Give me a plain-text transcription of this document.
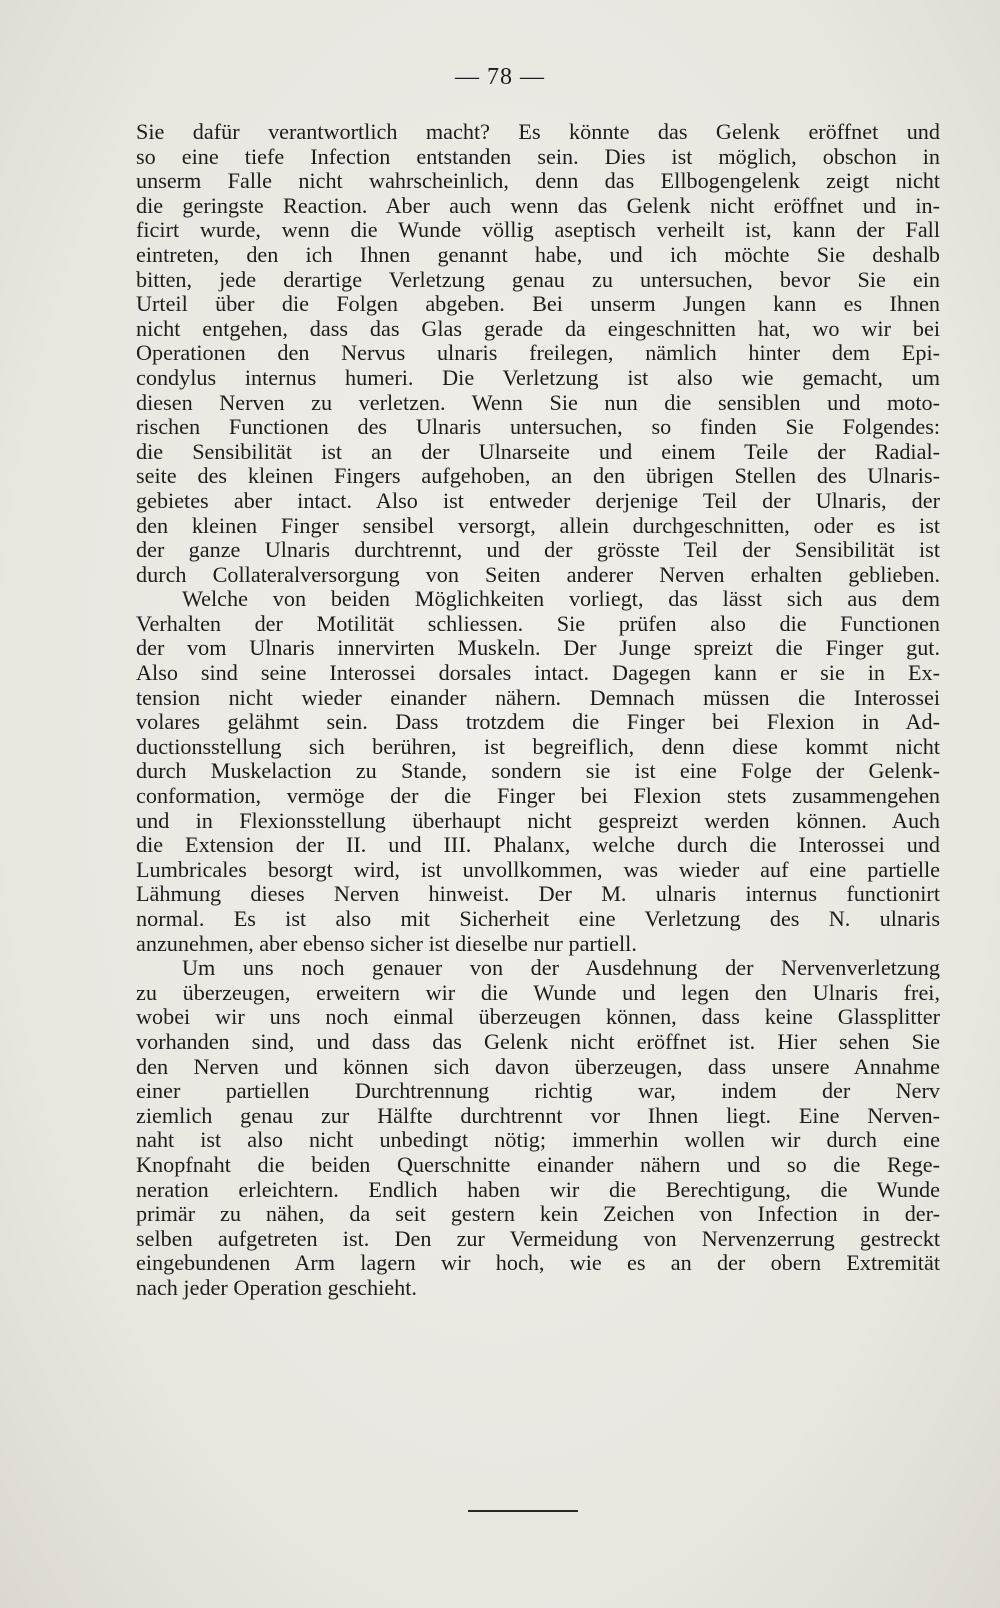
— 78 —
Sie dafür verantwortlich macht? Es könnte das Gelenk eröffnet und
so eine tiefe Infection entstanden sein. Dies ist möglich, obschon in
unserm Falle nicht wahrscheinlich, denn das Ellbogengelenk zeigt nicht
die geringste Reaction. Aber auch wenn das Gelenk nicht eröffnet und in-
ficirt wurde, wenn die Wunde völlig aseptisch verheilt ist, kann der Fall
eintreten, den ich Ihnen genannt habe, und ich möchte Sie deshalb
bitten, jede derartige Verletzung genau zu untersuchen, bevor Sie ein
Urteil über die Folgen abgeben. Bei unserm Jungen kann es Ihnen
nicht entgehen, dass das Glas gerade da eingeschnitten hat, wo wir bei
Operationen den Nervus ulnaris freilegen, nämlich hinter dem Epi-
condylus internus humeri. Die Verletzung ist also wie gemacht, um
diesen Nerven zu verletzen. Wenn Sie nun die sensiblen und moto-
rischen Functionen des Ulnaris untersuchen, so finden Sie Folgendes:
die Sensibilität ist an der Ulnarseite und einem Teile der Radial-
seite des kleinen Fingers aufgehoben, an den übrigen Stellen des Ulnaris-
gebietes aber intact. Also ist entweder derjenige Teil der Ulnaris, der
den kleinen Finger sensibel versorgt, allein durchgeschnitten, oder es ist
der ganze Ulnaris durchtrennt, und der grösste Teil der Sensibilität ist
durch Collateralversorgung von Seiten anderer Nerven erhalten geblieben.
Welche von beiden Möglichkeiten vorliegt, das lässt sich aus dem
Verhalten der Motilität schliessen. Sie prüfen also die Functionen
der vom Ulnaris innervirten Muskeln. Der Junge spreizt die Finger gut.
Also sind seine Interossei dorsales intact. Dagegen kann er sie in Ex-
tension nicht wieder einander nähern. Demnach müssen die Interossei
volares gelähmt sein. Dass trotzdem die Finger bei Flexion in Ad-
ductionsstellung sich berühren, ist begreiflich, denn diese kommt nicht
durch Muskelaction zu Stande, sondern sie ist eine Folge der Gelenk-
conformation, vermöge der die Finger bei Flexion stets zusammengehen
und in Flexionsstellung überhaupt nicht gespreizt werden können. Auch
die Extension der II. und III. Phalanx, welche durch die Interossei und
Lumbricales besorgt wird, ist unvollkommen, was wieder auf eine partielle
Lähmung dieses Nerven hinweist. Der M. ulnaris internus functionirt
normal. Es ist also mit Sicherheit eine Verletzung des N. ulnaris
anzunehmen, aber ebenso sicher ist dieselbe nur partiell.
Um uns noch genauer von der Ausdehnung der Nervenverletzung
zu überzeugen, erweitern wir die Wunde und legen den Ulnaris frei,
wobei wir uns noch einmal überzeugen können, dass keine Glassplitter
vorhanden sind, und dass das Gelenk nicht eröffnet ist. Hier sehen Sie
den Nerven und können sich davon überzeugen, dass unsere Annahme
einer partiellen Durchtrennung richtig war, indem der Nerv
ziemlich genau zur Hälfte durchtrennt vor Ihnen liegt. Eine Nerven-
naht ist also nicht unbedingt nötig; immerhin wollen wir durch eine
Knopfnaht die beiden Querschnitte einander nähern und so die Rege-
neration erleichtern. Endlich haben wir die Berechtigung, die Wunde
primär zu nähen, da seit gestern kein Zeichen von Infection in der-
selben aufgetreten ist. Den zur Vermeidung von Nervenzerrung gestreckt
eingebundenen Arm lagern wir hoch, wie es an der obern Extremität
nach jeder Operation geschieht.
